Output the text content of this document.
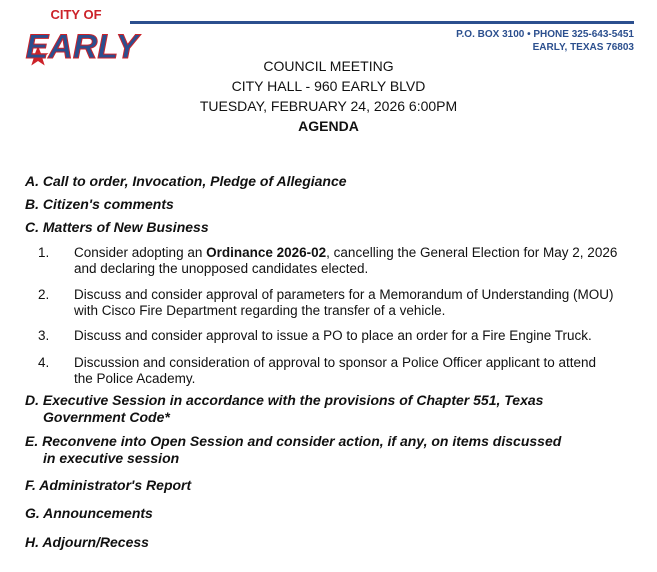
CITY OF
EARLY	P.O. BOX 3100 • PHONE 325-643-5451
EARLY, TEXAS 76803
COUNCIL MEETING
CITY HALL - 960 EARLY BLVD
TUESDAY, FEBRUARY 24, 2026 6:00PM
AGENDA
A. Call to order, Invocation, Pledge of Allegiance
B. Citizen's comments
C. Matters of New Business
1. Consider adopting an Ordinance 2026-02, cancelling the General Election for May 2, 2026
and declaring the unopposed candidates elected.
2. Discuss and consider approval of parameters for a Memorandum of Understanding (MOU)
with Cisco Fire Department regarding the transfer of a vehicle.
3. Discuss and consider approval to issue a PO to place an order for a Fire Engine Truck.
4. Discussion and consideration of approval to sponsor a Police Officer applicant to attend
the Police Academy.
D. Executive Session in accordance with the provisions of Chapter 551, Texas
Government Code*
E. Reconvene into Open Session and consider action, if any, on items discussed
in executive session
F. Administrator's Report
G. Announcements
H. Adjourn/Recess
